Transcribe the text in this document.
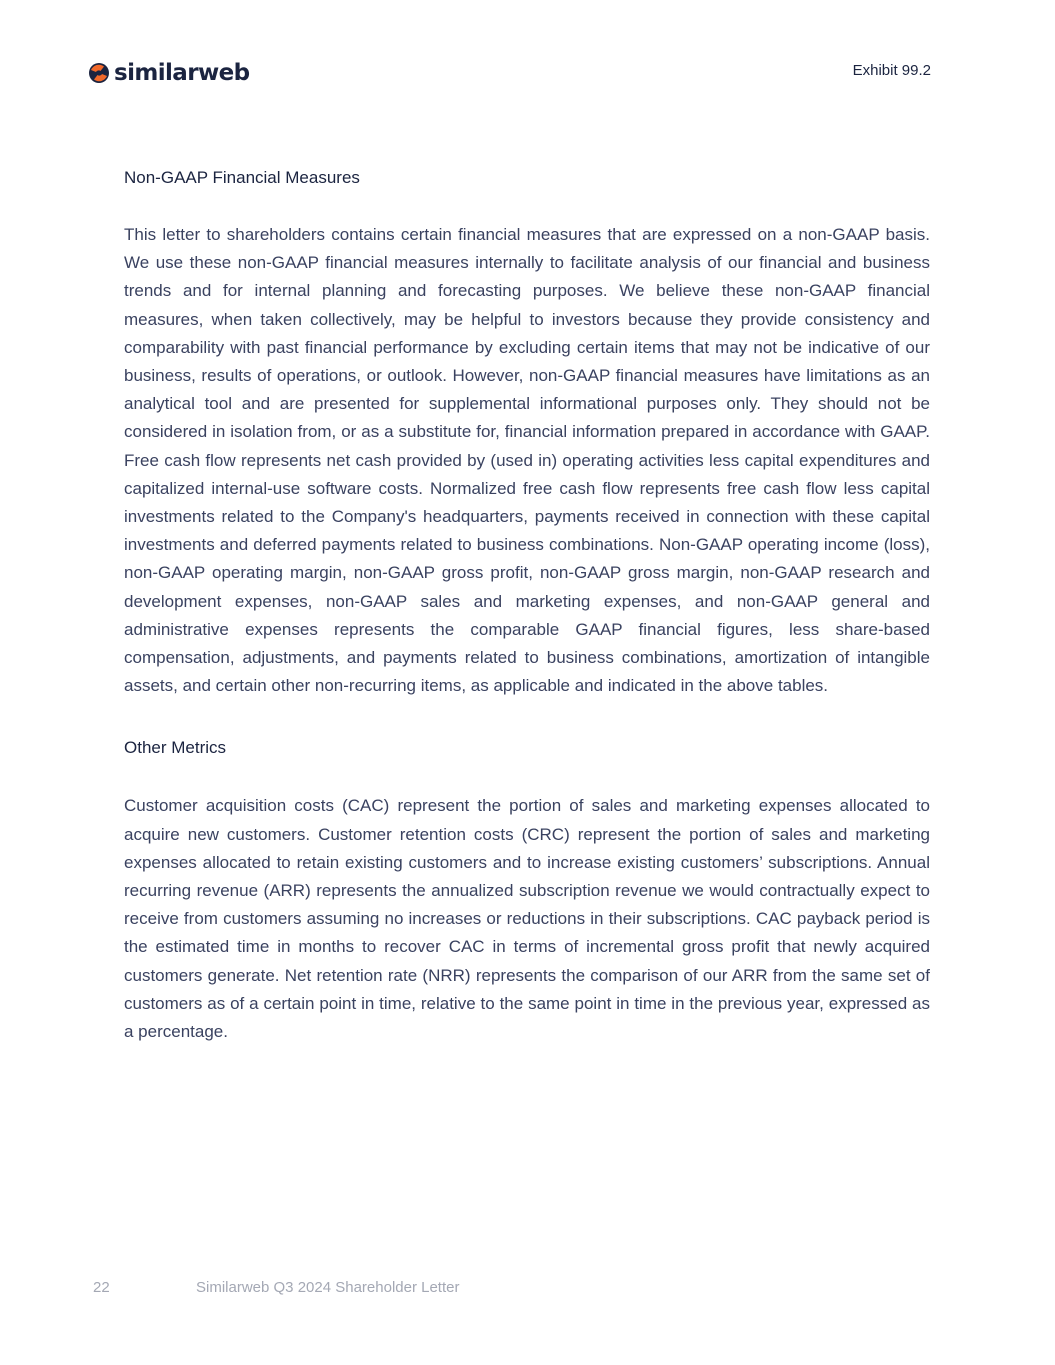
similarweb	Exhibit 99.2
Non-GAAP Financial Measures

This letter to shareholders contains certain financial measures that are expressed on a non-GAAP basis. We use these non-GAAP financial measures internally to facilitate analysis of our financial and business trends and for internal planning and forecasting purposes. We believe these non-GAAP financial measures, when taken collectively, may be helpful to investors because they provide consistency and comparability with past financial performance by excluding certain items that may not be indicative of our business, results of operations, or outlook. However, non-GAAP financial measures have limitations as an analytical tool and are presented for supplemental informational purposes only. They should not be considered in isolation from, or as a substitute for, financial information prepared in accordance with GAAP. Free cash flow represents net cash provided by (used in) operating activities less capital expenditures and capitalized internal-use software costs. Normalized free cash flow represents free cash flow less capital investments related to the Company's headquarters, payments received in connection with these capital investments and deferred payments related to business combinations. Non-GAAP operating income (loss), non-GAAP operating margin, non-GAAP gross profit, non-GAAP gross margin, non-GAAP research and development expenses, non-GAAP sales and marketing expenses, and non-GAAP general and administrative expenses represents the comparable GAAP financial figures, less share-based compensation, adjustments, and payments related to business combinations, amortization of intangible assets, and certain other non-recurring items, as applicable and indicated in the above tables.

Other Metrics

Customer acquisition costs (CAC) represent the portion of sales and marketing expenses allocated to acquire new customers. Customer retention costs (CRC) represent the portion of sales and marketing expenses allocated to retain existing customers and to increase existing customers’ subscriptions. Annual recurring revenue (ARR) represents the annualized subscription revenue we would contractually expect to receive from customers assuming no increases or reductions in their subscriptions. CAC payback period is the estimated time in months to recover CAC in terms of incremental gross profit that newly acquired customers generate. Net retention rate (NRR) represents the comparison of our ARR from the same set of customers as of a certain point in time, relative to the same point in time in the previous year, expressed as a percentage.

22	Similarweb Q3 2024 Shareholder Letter
